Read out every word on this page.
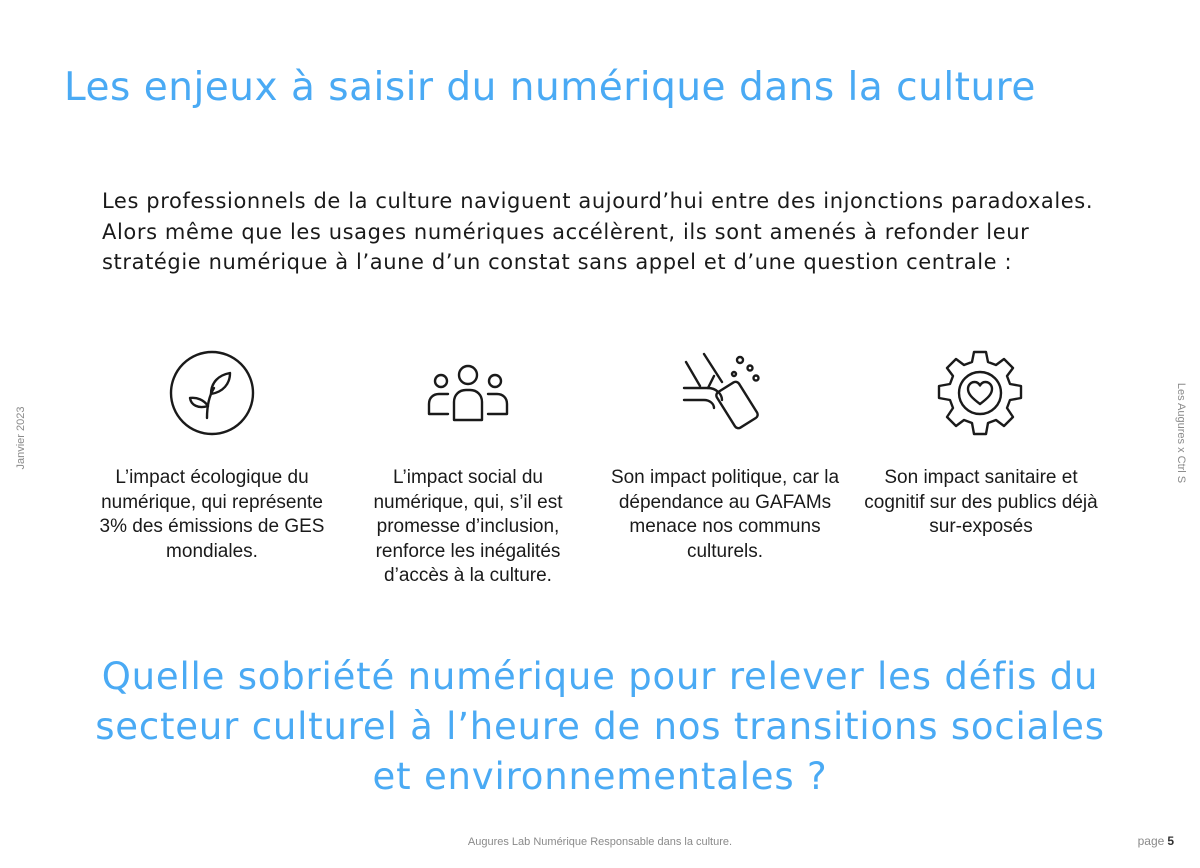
Les enjeux à saisir du numérique dans la culture

Les professionnels de la culture naviguent aujourd’hui entre des injonctions paradoxales. Alors même que les usages numériques accélèrent, ils sont amenés à refonder leur stratégie numérique à l’aune d’un constat sans appel et d’une question centrale :

L’impact écologique du numérique, qui représente 3% des émissions de GES mondiales.

L’impact social du numérique, qui, s’il est promesse d’inclusion, renforce les inégalités d’accès à la culture.

Son impact politique, car la dépendance au GAFAMs menace nos communs culturels.

Son impact sanitaire et cognitif sur des publics déjà sur-exposés

Quelle sobriété numérique pour relever les défis du secteur culturel à l’heure de nos transitions sociales et environnementales ?

Janvier 2023	Les Augures x Ctrl S
Augures Lab Numérique Responsable dans la culture.	page 5
